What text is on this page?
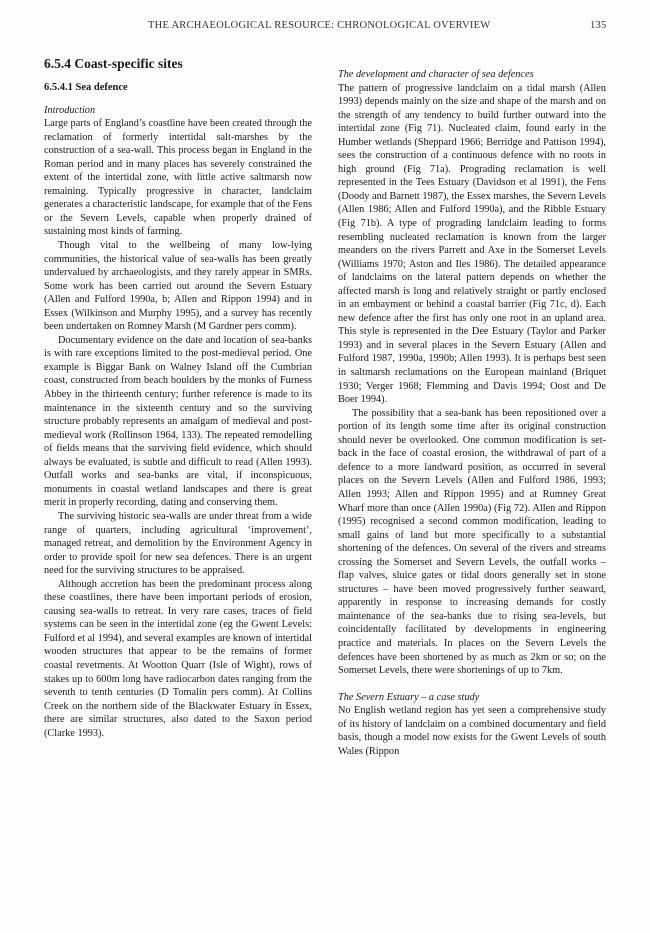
THE ARCHAEOLOGICAL RESOURCE: CHRONOLOGICAL OVERVIEW	135
6.5.4 Coast-specific sites
6.5.4.1 Sea defence
Introduction

Large parts of England’s coastline have been created through the reclamation of formerly intertidal salt-marshes by the construction of a sea-wall. This process began in England in the Roman period and in many places has severely constrained the extent of the intertidal zone, with little active saltmarsh now remaining. Typically progressive in character, landclaim generates a characteristic landscape, for example that of the Fens or the Severn Levels, capable when properly drained of sustaining most kinds of farming.

Though vital to the wellbeing of many low-lying communities, the historical value of sea-walls has been greatly undervalued by archaeologists, and they rarely appear in SMRs. Some work has been carried out around the Severn Estuary (Allen and Fulford 1990a, b; Allen and Rippon 1994) and in Essex (Wilkinson and Murphy 1995), and a survey has recently been undertaken on Romney Marsh (M Gardner pers comm).

Documentary evidence on the date and location of sea-banks is with rare exceptions limited to the post-medieval period. One example is Biggar Bank on Walney Island off the Cumbrian coast, constructed from beach boulders by the monks of Furness Abbey in the thirteenth century; further reference is made to its maintenance in the sixteenth century and so the surviving structure probably represents an amalgam of medieval and post-medieval work (Rollinson 1964, 133). The repeated remodelling of fields means that the surviving field evidence, which should always be evaluated, is subtle and difficult to read (Allen 1993). Outfall works and sea-banks are vital, if inconspicuous, monuments in coastal wetland landscapes and there is great merit in properly recording, dating and conserving them.

The surviving historic sea-walls are under threat from a wide range of quarters, including agricultural ‘improvement’, managed retreat, and demolition by the Environment Agency in order to provide spoil for new sea defences. There is an urgent need for the surviving structures to be appraised.

Although accretion has been the predominant process along these coastlines, there have been important periods of erosion, causing sea-walls to retreat. In very rare cases, traces of field systems can be seen in the intertidal zone (eg the Gwent Levels: Fulford et al 1994), and several examples are known of intertidal wooden structures that appear to be the remains of former coastal revetments. At Wootton Quarr (Isle of Wight), rows of stakes up to 600m long have radiocarbon dates ranging from the seventh to tenth centuries (D Tomalin pers comm). At Collins Creek on the northern side of the Blackwater Estuary in Essex, there are similar structures, also dated to the Saxon period (Clarke 1993).

The development and character of sea defences

The pattern of progressive landclaim on a tidal marsh (Allen 1993) depends mainly on the size and shape of the marsh and on the strength of any tendency to build further outward into the intertidal zone (Fig 71). Nucleated claim, found early in the Humber wetlands (Sheppard 1966; Berridge and Pattison 1994), sees the construction of a continuous defence with no roots in high ground (Fig 71a). Prograding reclamation is well represented in the Tees Estuary (Davidson et al 1991), the Fens (Doody and Barnett 1987), the Essex marshes, the Severn Levels (Allen 1986; Allen and Fulford 1990a), and the Ribble Estuary (Fig 71b). A type of prograding landclaim leading to forms resembling nucleated reclamation is known from the larger meanders on the rivers Parrett and Axe in the Somerset Levels (Williams 1970; Aston and Iles 1986). The detailed appearance of landclaims on the lateral pattern depends on whether the affected marsh is long and relatively straight or partly enclosed in an embayment or behind a coastal barrier (Fig 71c, d). Each new defence after the first has only one root in an upland area. This style is represented in the Dee Estuary (Taylor and Parker 1993) and in several places in the Severn Estuary (Allen and Fulford 1987, 1990a, 1990b; Allen 1993). It is perhaps best seen in saltmarsh reclamations on the European mainland (Briquet 1930; Verger 1968; Flemming and Davis 1994; Oost and De Boer 1994).

The possibility that a sea-bank has been repositioned over a portion of its length some time after its original construction should never be overlooked. One common modification is set-back in the face of coastal erosion, the withdrawal of part of a defence to a more landward position, as occurred in several places on the Severn Levels (Allen and Fulford 1986, 1993; Allen 1993; Allen and Rippon 1995) and at Rumney Great Wharf more than once (Allen 1990a) (Fig 72). Allen and Rippon (1995) recognised a second common modification, leading to small gains of land but more specifically to a substantial shortening of the defences. On several of the rivers and streams crossing the Somerset and Severn Levels, the outfall works – flap valves, sluice gates or tidal doors generally set in stone structures – have been moved progressively further seaward, apparently in response to increasing demands for costly maintenance of the sea-banks due to rising sea-levels, but coincidentally facilitated by developments in engineering practice and materials. In places on the Severn Levels the defences have been shortened by as much as 2km or so; on the Somerset Levels, there were shortenings of up to 7km.

The Severn Estuary – a case study

No English wetland region has yet seen a comprehensive study of its history of landclaim on a combined documentary and field basis, though a model now exists for the Gwent Levels of south Wales (Rippon
